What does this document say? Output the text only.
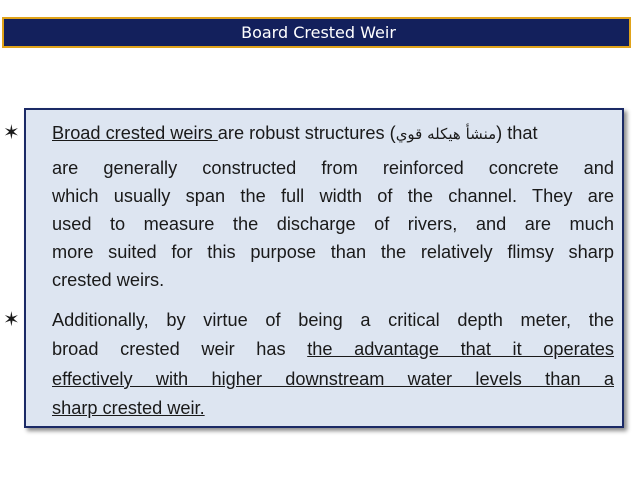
Board Crested Weir
✶ Broad crested weirs are robust structures (منشأ هيكله قوي) that
are generally constructed from reinforced concrete and
which usually span the full width of the channel. They are
used to measure the discharge of rivers, and are much
more suited for this purpose than the relatively flimsy sharp
crested weirs.
✶ Additionally, by virtue of being a critical depth meter, the
broad crested weir has the advantage that it operates
effectively with higher downstream water levels than a
sharp crested weir.
